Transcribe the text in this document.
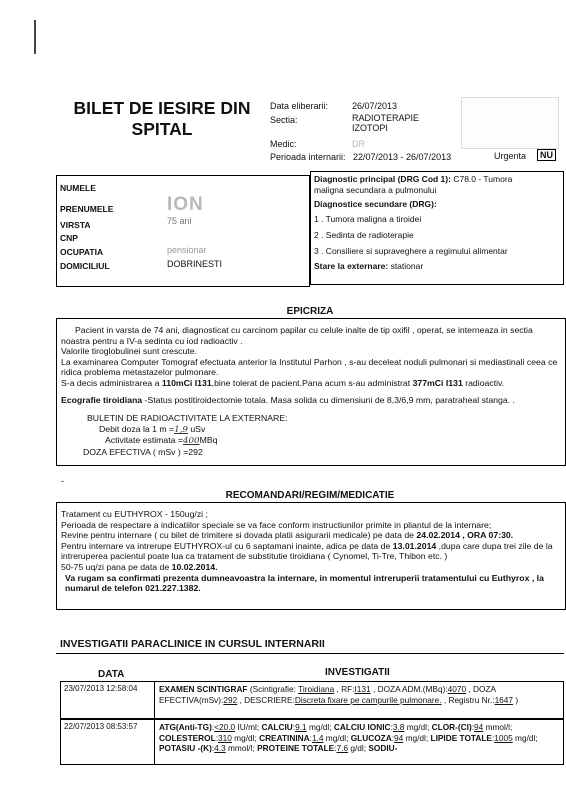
BILET DE IESIRE DIN
SPITAL
Data eliberarii:	26/07/2013
Sectia:	RADIOTERAPIE
IZOTOPI
Medic:	DR
Perioada internarii: 22/07/2013 - 26/07/2013	Urgenta	NU
NUMELE
PRENUMELE	ION
VIRSTA	75 ani
CNP
OCUPATIA	pensionar
DOMICILIUL	DOBRINESTI
Diagnostic principal (DRG Cod 1): C78.0 - Tumora
maligna secundara a pulmonului
Diagnostice secundare (DRG):
1 . Tumora maligna a tiroidei
2 . Sedinta de radioterapie
3 . Consiliere si supraveghere a regimului alimentar
Stare la externare: stationar
EPICRIZA

Pacient in varsta de 74 ani, diagnosticat cu carcinom papilar cu celule inalte de tip oxifil , operat, se interneaza in sectia noastra pentru a IV-a sedinta cu iod radioactiv .

Valorile tiroglobulinei sunt crescute.

La examinarea Computer Tomograf efectuata anterior la Institutul Parhon , s-au deceleat noduli pulmonari si mediastinali ceea ce ridica problema metastazelor pulmonare.

S-a decis administrarea a 110mCi I131,bine tolerat de pacient.Pana acum s-au administrat 377mCi I131 radioactiv.

Ecografie tiroidiana -Status postitiroidectomie totala. Masa solida cu dimensiuni de 8,3/6,9 mm, paratraheal stanga. .

BULETIN DE RADIOACTIVITATE LA EXTERNARE:

Debit doza la 1 m =1,9 uSv

Activitate estimata =400MBq

DOZA EFECTIVA ( mSv ) =292

-
RECOMANDARI/REGIM/MEDICATIE

Tratament cu EUTHYROX - 150ug/zi ;

Perioada de respectare a indicatiilor speciale se va face conform instructiunilor primite in pliantul de la internare;

Revine pentru internare ( cu bilet de trimitere si dovada platii asigurarii medicale) pe data de 24.02.2014 , ORA 07:30.

Pentru internare va intrerupe EUTHYROX-ul cu 6 saptamani inainte, adica pe data de 13.01.2014 ,dupa care dupa trei zile de la intreruperea pacientul poate lua ca tratament de substitutie tiroidiana ( Cynomel, Ti-Tre, Thibon etc. )

50-75 uq/zi pana pe data de 10.02.2014.

Va rugam sa confirmati prezenta dumneavoastra la internare, in momentul intreruperii tratamentului cu Euthyrox , la numarul de telefon 021.227.1382.

INVESTIGATII PARACLINICE IN CURSUL INTERNARII
DATA	INVESTIGATII
23/07/2013 12:58:04	EXAMEN SCINTIGRAF (Scintigrafie: Tiroidiana , RF:I131 , DOZA ADM.(MBq):4070 , DOZA EFECTIVA(mSv):292 , DESCRIERE:Discreta fixare pe campurile pulmonare. , Registru Nr.:1647 )
22/07/2013 08:53:57	ATG(Anti-TG):<20.0 IU/ml; CALCIU:9.1 mg/dl; CALCIU IONIC:3.8 mg/dl; CLOR-(Cl):94 mmol/l; COLESTEROL:310 mg/dl; CREATININA:1.4 mg/dl; GLUCOZA:94 mg/dl; LIPIDE TOTALE:1005 mg/dl; POTASIU -(K):4.3 mmol/l; PROTEINE TOTALE:7.6 g/dl; SODIU-
